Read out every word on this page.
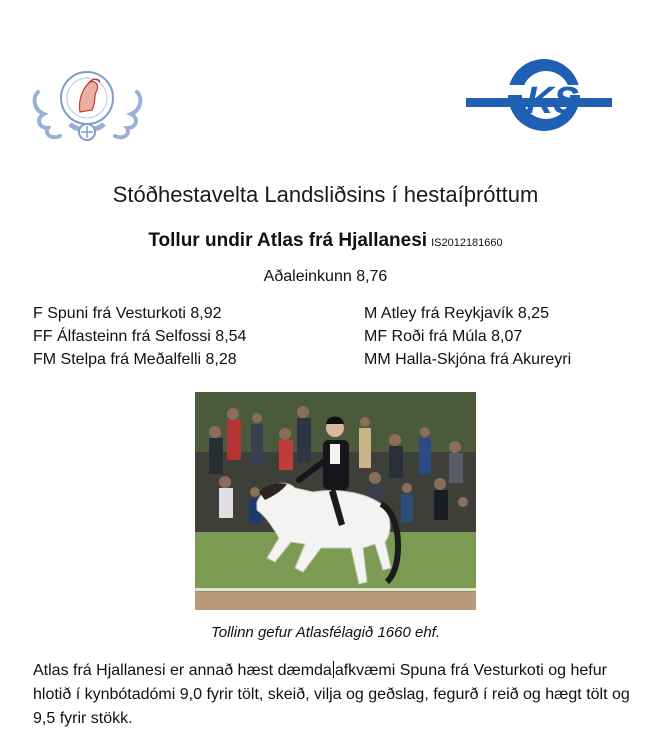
KS
Stóðhestavelta Landsliðsins í hestaíþróttum
Tollur undir Atlas frá Hjallanesi IS2012181660
Aðaleinkunn 8,76
F Spuni frá Vesturkoti 8,92
FF Álfasteinn frá Selfossi 8,54
FM Stelpa frá Meðalfelli 8,28
M Atley frá Reykjavík 8,25
MF Roði frá Múla 8,07
MM Halla-Skjóna frá Akureyri
Tollinn gefur Atlasfélagið 1660 ehf.
Atlas frá Hjallanesi er annað hæst dæmda afkvæmi Spuna frá Vesturkoti og hefur hlotið í kynbótadómi 9,0 fyrir tölt, skeið, vilja og geðslag, fegurð í reið og hægt tölt og 9,5 fyrir stökk.
